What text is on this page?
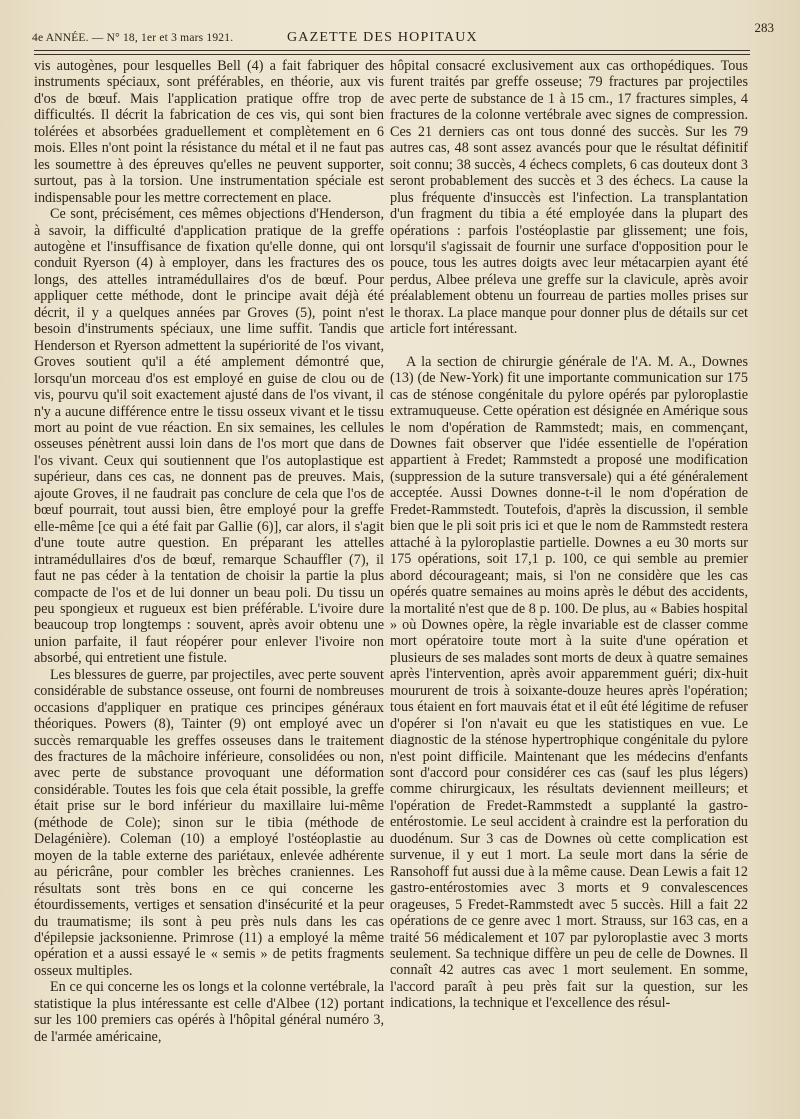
4e ANNÉE. — N° 18, 1er et 3 mars 1921.	GAZETTE DES HOPITAUX
283

vis autogènes, pour lesquelles Bell (4) a fait fabriquer des instruments spéciaux, sont préférables, en théorie, aux vis d'os de bœuf. Mais l'application pratique offre trop de difficultés. Il décrit la fabrication de ces vis, qui sont bien tolérées et absorbées graduellement et complètement en 6 mois. Elles n'ont point la résistance du métal et il ne faut pas les soumettre à des épreuves qu'elles ne peuvent supporter, surtout, pas à la torsion. Une instrumentation spéciale est indispensable pour les mettre correctement en place.

Ce sont, précisément, ces mêmes objections d'Henderson, à savoir, la difficulté d'application pratique de la greffe autogène et l'insuffisance de fixation qu'elle donne, qui ont conduit Ryerson (4) à employer, dans les fractures des os longs, des attelles intramédullaires d'os de bœuf. Pour appliquer cette méthode, dont le principe avait déjà été décrit, il y a quelques années par Groves (5), point n'est besoin d'instruments spéciaux, une lime suffit. Tandis que Henderson et Ryerson admettent la supériorité de l'os vivant, Groves soutient qu'il a été amplement démontré que, lorsqu'un morceau d'os est employé en guise de clou ou de vis, pourvu qu'il soit exactement ajusté dans de l'os vivant, il n'y a aucune différence entre le tissu osseux vivant et le tissu mort au point de vue réaction. En six semaines, les cellules osseuses pénètrent aussi loin dans de l'os mort que dans de l'os vivant. Ceux qui soutiennent que l'os autoplastique est supérieur, dans ces cas, ne donnent pas de preuves. Mais, ajoute Groves, il ne faudrait pas conclure de cela que l'os de bœuf pourrait, tout aussi bien, être employé pour la greffe elle-même [ce qui a été fait par Gallie (6)], car alors, il s'agit d'une toute autre question. En préparant les attelles intramédullaires d'os de bœuf, remarque Schauffler (7), il faut ne pas céder à la tentation de choisir la partie la plus compacte de l'os et de lui donner un beau poli. Du tissu un peu spongieux et rugueux est bien préférable. L'ivoire dure beaucoup trop longtemps : souvent, après avoir obtenu une union parfaite, il faut réopérer pour enlever l'ivoire non absorbé, qui entretient une fistule.

Les blessures de guerre, par projectiles, avec perte souvent considérable de substance osseuse, ont fourni de nombreuses occasions d'appliquer en pratique ces principes généraux théoriques. Powers (8), Tainter (9) ont employé avec un succès remarquable les greffes osseuses dans le traitement des fractures de la mâchoire inférieure, consolidées ou non, avec perte de substance provoquant une déformation considérable. Toutes les fois que cela était possible, la greffe était prise sur le bord inférieur du maxillaire lui-même (méthode de Cole); sinon sur le tibia (méthode de Delagénière). Coleman (10) a employé l'ostéoplastie au moyen de la table externe des pariétaux, enlevée adhérente au péricrâne, pour combler les brèches craniennes. Les résultats sont très bons en ce qui concerne les étourdissements, vertiges et sensation d'insécurité et la peur du traumatisme; ils sont à peu près nuls dans les cas d'épilepsie jacksonienne. Primrose (11) a employé la même opération et a aussi essayé le « semis » de petits fragments osseux multiples.

En ce qui concerne les os longs et la colonne vertébrale, la statistique la plus intéressante est celle d'Albee (12) portant sur les 100 premiers cas opérés à l'hôpital général numéro 3, de l'armée américaine,

hôpital consacré exclusivement aux cas orthopédiques. Tous furent traités par greffe osseuse; 79 fractures par projectiles avec perte de substance de 1 à 15 cm., 17 fractures simples, 4 fractures de la colonne vertébrale avec signes de compression. Ces 21 derniers cas ont tous donné des succès. Sur les 79 autres cas, 48 sont assez avancés pour que le résultat définitif soit connu; 38 succès, 4 échecs complets, 6 cas douteux dont 3 seront probablement des succès et 3 des échecs. La cause la plus fréquente d'insuccès est l'infection. La transplantation d'un fragment du tibia a été employée dans la plupart des opérations : parfois l'ostéoplastie par glissement; une fois, lorsqu'il s'agissait de fournir une surface d'opposition pour le pouce, tous les autres doigts avec leur métacarpien ayant été perdus, Albee préleva une greffe sur la clavicule, après avoir préalablement obtenu un fourreau de parties molles prises sur le thorax. La place manque pour donner plus de détails sur cet article fort intéressant.

A la section de chirurgie générale de l'A. M. A., Downes (13) (de New-York) fit une importante communication sur 175 cas de sténose congénitale du pylore opérés par pyloroplastie extramuqueuse. Cette opération est désignée en Amérique sous le nom d'opération de Rammstedt; mais, en commençant, Downes fait observer que l'idée essentielle de l'opération appartient à Fredet; Rammstedt a proposé une modification (suppression de la suture transversale) qui a été généralement acceptée. Aussi Downes donne-t-il le nom d'opération de Fredet-Rammstedt. Toutefois, d'après la discussion, il semble bien que le pli soit pris ici et que le nom de Rammstedt restera attaché à la pyloroplastie partielle. Downes a eu 30 morts sur 175 opérations, soit 17,1 p. 100, ce qui semble au premier abord décourageant; mais, si l'on ne considère que les cas opérés quatre semaines au moins après le début des accidents, la mortalité n'est que de 8 p. 100. De plus, au « Babies hospital » où Downes opère, la règle invariable est de classer comme mort opératoire toute mort à la suite d'une opération et plusieurs de ses malades sont morts de deux à quatre semaines après l'intervention, après avoir apparemment guéri; dix-huit moururent de trois à soixante-douze heures après l'opération; tous étaient en fort mauvais état et il eût été légitime de refuser d'opérer si l'on n'avait eu que les statistiques en vue. Le diagnostic de la sténose hypertrophique congénitale du pylore n'est point difficile. Maintenant que les médecins d'enfants sont d'accord pour considérer ces cas (sauf les plus légers) comme chirurgicaux, les résultats deviennent meilleurs; et l'opération de Fredet-Rammstedt a supplanté la gastro-entérostomie. Le seul accident à craindre est la perforation du duodénum. Sur 3 cas de Downes où cette complication est survenue, il y eut 1 mort. La seule mort dans la série de Ransohoff fut aussi due à la même cause. Dean Lewis a fait 12 gastro-entérostomies avec 3 morts et 9 convalescences orageuses, 5 Fredet-Rammstedt avec 5 succès. Hill a fait 22 opérations de ce genre avec 1 mort. Strauss, sur 163 cas, en a traité 56 médicalement et 107 par pyloroplastie avec 3 morts seulement. Sa technique diffère un peu de celle de Downes. Il connaît 42 autres cas avec 1 mort seulement. En somme, l'accord paraît à peu près fait sur la question, sur les indications, la technique et l'excellence des résul-
